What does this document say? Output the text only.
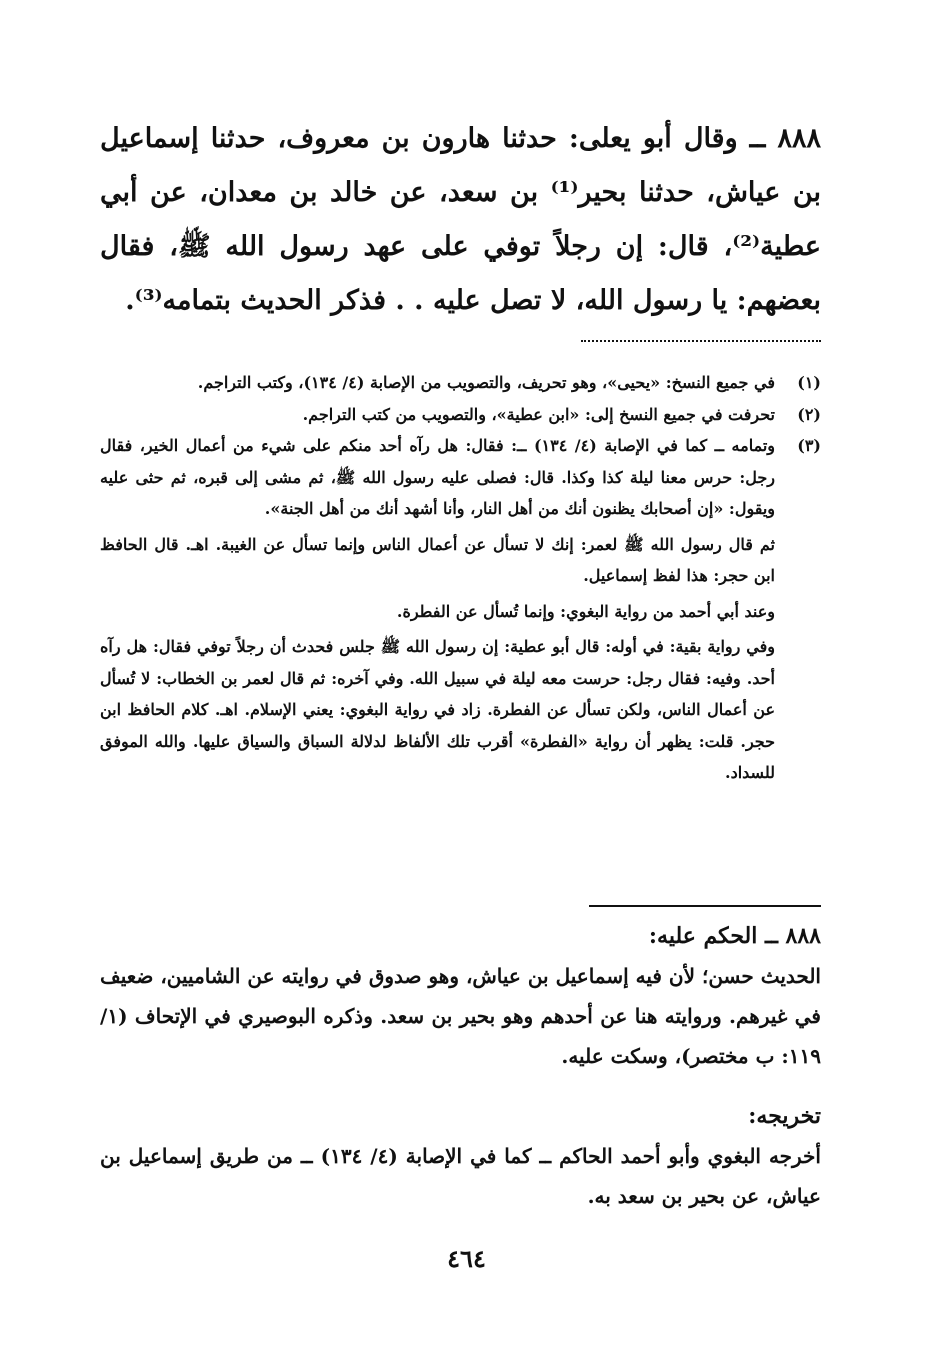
٨٨٨ ــ وقال أبو يعلى: حدثنا هارون بن معروف، حدثنا إسماعيل بن عياش، حدثنا بحير⁽¹⁾ بن سعد، عن خالد بن معدان، عن أبي عطية⁽²⁾، قال: إن رجلاً توفي على عهد رسول الله ﷺ، فقال بعضهم: يا رسول الله، لا تصل عليه . . فذكر الحديث بتمامه⁽³⁾.

(١)

في جميع النسخ: «يحيى»، وهو تحريف، والتصويب من الإصابة (٤/ ١٣٤)، وكتب التراجم.

(٢)

تحرفت في جميع النسخ إلى: «ابن عطية»، والتصويب من كتب التراجم.

(٣)

وتمامه ــ كما في الإصابة (٤/ ١٣٤) ــ: فقال: هل رآه أحد منكم على شيء من أعمال الخير، فقال رجل: حرس معنا ليلة كذا وكذا. قال: فصلى عليه رسول الله ﷺ، ثم مشى إلى قبره، ثم حثى عليه ويقول: «إن أصحابك يظنون أنك من أهل النار، وأنا أشهد أنك من أهل الجنة».

ثم قال رسول الله ﷺ لعمر: إنك لا تسأل عن أعمال الناس وإنما تسأل عن الغيبة. اهـ. قال الحافظ ابن حجر: هذا لفظ إسماعيل.

وعند أبي أحمد من رواية البغوي: وإنما تُسأل عن الفطرة.

وفي رواية بقية: في أوله: قال أبو عطية: إن رسول الله ﷺ جلس فحدث أن رجلاً توفي فقال: هل رآه أحد. وفيه: فقال رجل: حرست معه ليلة في سبيل الله. وفي آخره: ثم قال لعمر بن الخطاب: لا تُسأل عن أعمال الناس، ولكن تسأل عن الفطرة. زاد في رواية البغوي: يعني الإسلام. اهـ. كلام الحافظ ابن حجر. قلت: يظهر أن رواية «الفطرة» أقرب تلك الألفاظ لدلالة السباق والسياق عليها. والله الموفق للسداد.

٨٨٨ ــ الحكم عليه:

الحديث حسن؛ لأن فيه إسماعيل بن عياش، وهو صدوق في روايته عن الشاميين، ضعيف في غيرهم. وروايته هنا عن أحدهم وهو بحير بن سعد. وذكره البوصيري في الإتحاف (١/ ١١٩: ب مختصر)، وسكت عليه.

تخريجه:

أخرجه البغوي وأبو أحمد الحاكم ــ كما في الإصابة (٤/ ١٣٤) ــ من طريق إسماعيل بن عياش، عن بحير بن سعد به.

٤٦٤
